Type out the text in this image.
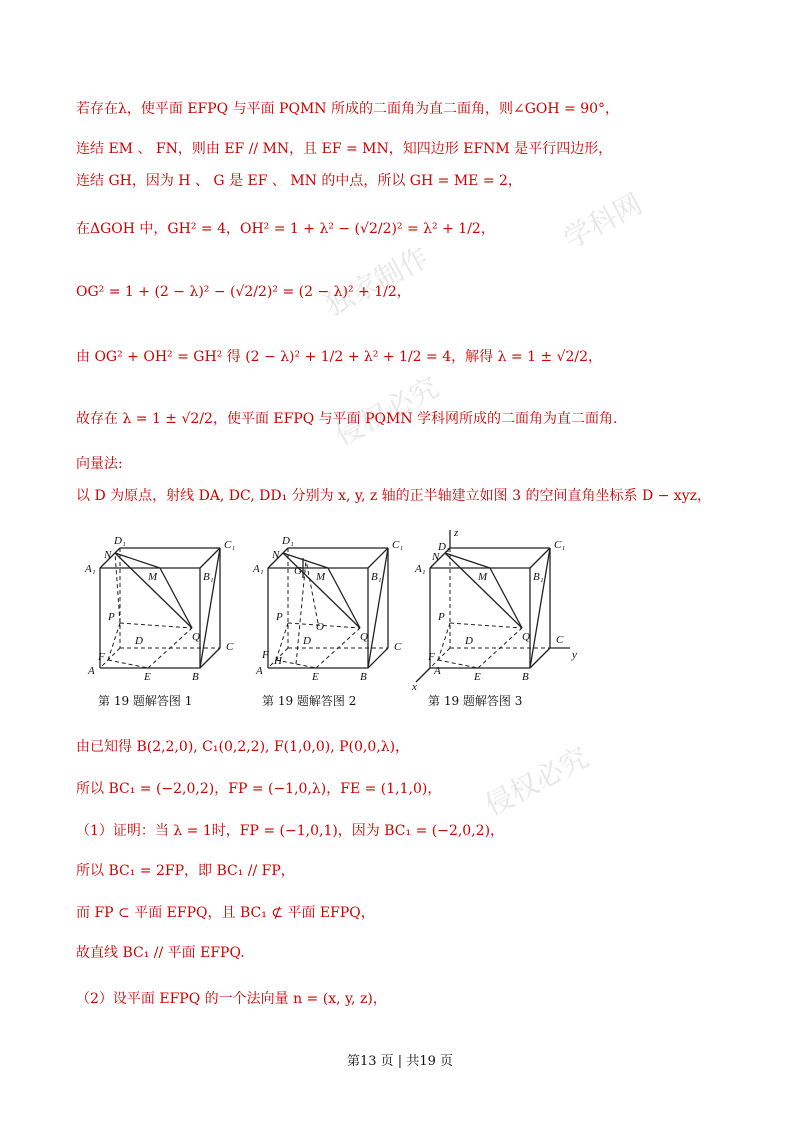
学科网
独家制作
侵权必究
侵权必究
若存在λ，使平面 EFPQ 与平面 PQMN 所成的二面角为直二面角，则∠GOH = 90°，
连结 EM 、 FN，则由 EF // MN，且 EF = MN，知四边形 EFNM 是平行四边形，
连结 GH，因为 H 、 G 是 EF 、 MN 的中点，所以 GH = ME = 2，
在ΔGOH 中，GH² = 4，OH² = 1 + λ² − (√2/2)² = λ² + 1/2，
OG² = 1 + (2 − λ)² − (√2/2)² = (2 − λ)² + 1/2，
由 OG² + OH² = GH² 得 (2 − λ)² + 1/2 + λ² + 1/2 = 4，解得 λ = 1 ± √2/2，
故存在 λ = 1 ± √2/2，使平面 EFPQ 与平面 PQMN 学科网所成的二面角为直二面角.
向量法:
以 D 为原点，射线 DA, DC, DD₁ 分别为 x, y, z 轴的正半轴建立如图 3 的空间直角坐标系 D − xyz，
D₁	C₁
N
M
A₁
B₁
P
D	Q
C
F
A	E	B
第 19 题解答图 1
D₁	C₁
N
G M
A₁
B₁
P
O
D	Q
C
F H
A	E	B
第 19 题解答图 2
z
D₁	C₁
N
M
A₁
B₁
P
D	Q C
y
F
A	E	B
x
第 19 题解答图 3
由已知得 B(2,2,0), C₁(0,2,2), F(1,0,0), P(0,0,λ)，
所以 BC₁ = (−2,0,2)，FP = (−1,0,λ)，FE = (1,1,0)，
（1）证明：当 λ = 1时，FP = (−1,0,1)，因为 BC₁ = (−2,0,2)，
所以 BC₁ = 2FP，即 BC₁ // FP，
而 FP ⊂ 平面 EFPQ，且 BC₁ ⊄ 平面 EFPQ，
故直线 BC₁ // 平面 EFPQ.
（2）设平面 EFPQ 的一个法向量 n = (x, y, z)，
第13 页 | 共19 页
